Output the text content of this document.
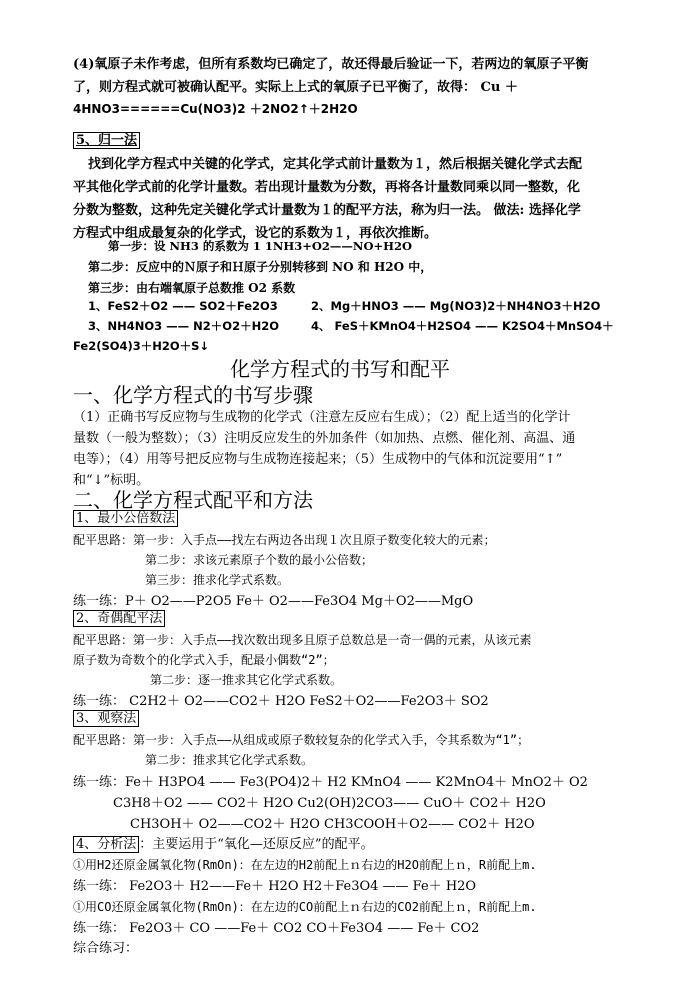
(4)氧原子未作考虑，但所有系数均已确定了，故还得最后验证一下，若两边的氧原子平衡
了，则方程式就可被确认配平。实际上上式的氧原子已平衡了，故得： Cu ＋
4HNO3======Cu(NO3)2 ＋2NO2↑＋2H2O
5、归一法
找到化学方程式中关键的化学式，定其化学式前计量数为１，然后根据关键化学式去配
平其他化学式前的化学计量数。若出现计量数为分数，再将各计量数同乘以同一整数，化
分数为整数，这种先定关键化学式计量数为１的配平方法，称为归一法。 做法: 选择化学
方程式中组成最复杂的化学式，设它的系数为１，再依次推断。
第一步：设 NH3 的系数为 1 1NH3+O2——NO+H2O
第二步：反应中的Ｎ原子和Ｈ原子分别转移到 NO 和 H2O 中，
第三步：由右端氧原子总数推 O2 系数
1、FeS2＋O2 —— SO2＋Fe2O3	2、Mg＋HNO3 —— Mg(NO3)2＋NH4NO3＋H2O
3、NH4NO3 —— N2＋O2＋H2O	4、 FeS＋KMnO4＋H2SO4 —— K2SO4＋MnSO4＋
Fe2(SO4)3＋H2O＋S↓
化学方程式的书写和配平
一、化学方程式的书写步骤
（1）正确书写反应物与生成物的化学式（注意左反应右生成）；（2）配上适当的化学计
量数（一般为整数）；（3）注明反应发生的外加条件（如加热、点燃、催化剂、高温、通
电等）；（4）用等号把反应物与生成物连接起来；（5）生成物中的气体和沉淀要用“↑”
和“↓”标明。
二、化学方程式配平和方法
1、最小公倍数法
配平思路：第一步：入手点——找左右两边各出现１次且原子数变化较大的元素；
第二步：求该元素原子个数的最小公倍数；
第三步：推求化学式系数。
练一练：P＋ O2——P2O5 Fe＋ O2——Fe3O4 Mg＋O2——MgO
2、奇偶配平法
配平思路：第一步：入手点——找次数出现多且原子总数总是一奇一偶的元素，从该元素
原子数为奇数个的化学式入手，配最小偶数“2”；
第二步：逐一推求其它化学式系数。
练一练： C2H2＋ O2——CO2＋ H2O FeS2＋O2——Fe2O3＋ SO2
3、观察法
配平思路：第一步：入手点——从组成或原子数较复杂的化学式入手，令其系数为“1”；
第二步：推求其它化学式系数。
练一练：Fe＋ H3PO4 —— Fe3(PO4)2＋ H2 KMnO4 —— K2MnO4＋ MnO2＋ O2
C3H8＋O2 —— CO2＋ H2O Cu2(OH)2CO3—— CuO＋ CO2＋ H2O
CH3OH＋ O2——CO2＋ H2O CH3COOH＋O2—— CO2＋ H2O
4、分析法 ：主要运用于“氧化—还原反应”的配平。
①用H2还原金属氧化物(RmOn)：在左边的H2前配上ｎ右边的H2O前配上ｎ，R前配上m.
练一练： Fe2O3＋ H2——Fe＋ H2O H2＋Fe3O4 —— Fe＋ H2O
①用CO还原金属氧化物(RmOn)：在左边的CO前配上ｎ右边的CO2前配上ｎ，R前配上m.
练一练： Fe2O3＋ CO ——Fe＋ CO2 CO＋Fe3O4 —— Fe＋ CO2
综合练习：
